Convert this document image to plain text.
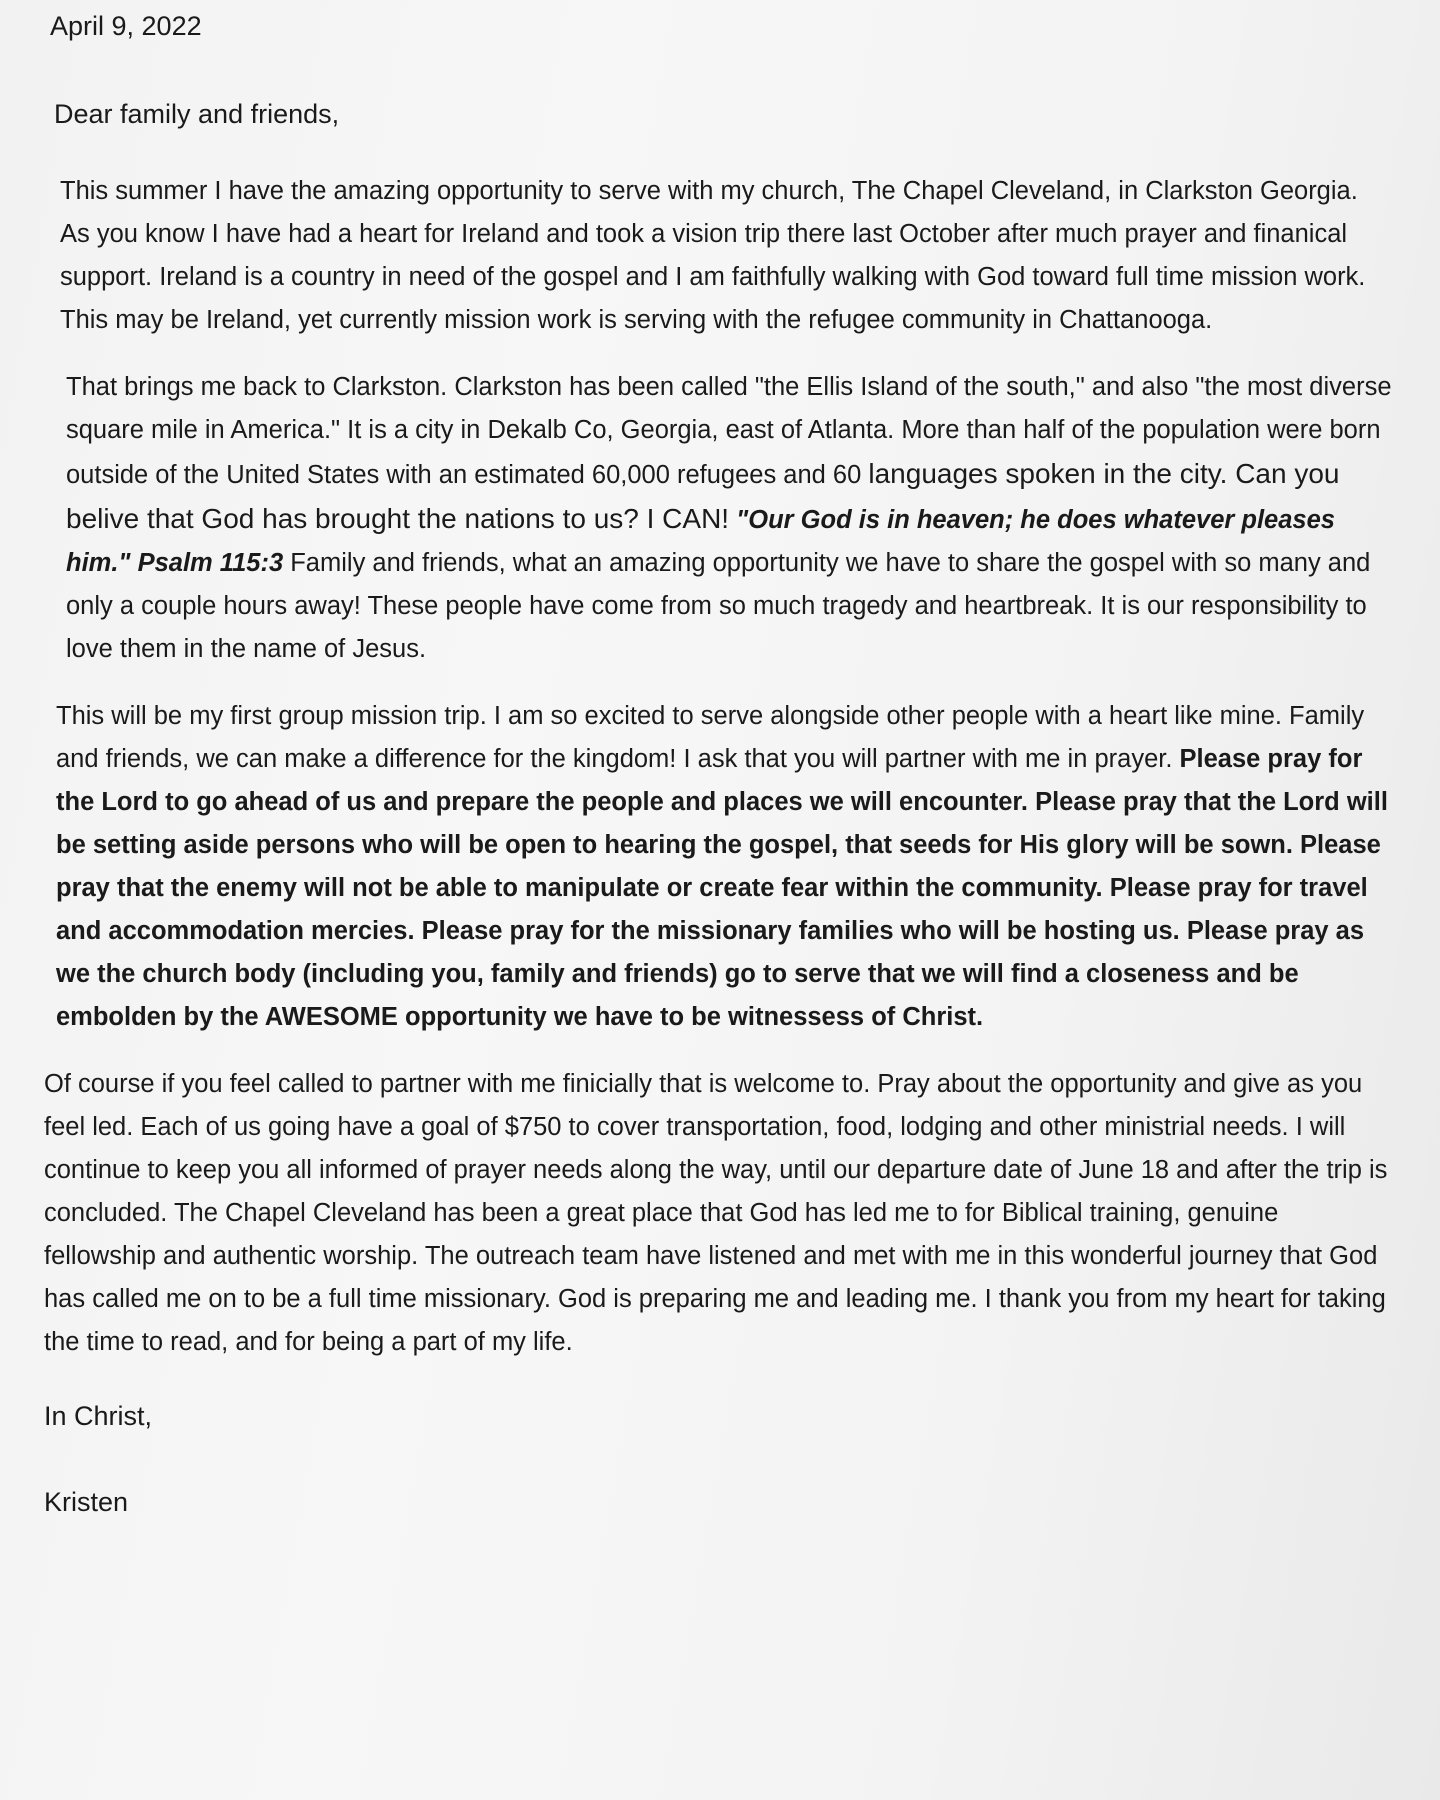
April 9, 2022
Dear family and friends,

This summer I have the amazing opportunity to serve with my church, The Chapel Cleveland, in Clarkston Georgia. As you know I have had a heart for Ireland and took a vision trip there last October after much prayer and finanical support. Ireland is a country in need of the gospel and I am faithfully walking with God toward full time mission work. This may be Ireland, yet currently mission work is serving with the refugee community in Chattanooga.

That brings me back to Clarkston. Clarkston has been called "the Ellis Island of the south," and also "the most diverse square mile in America." It is a city in Dekalb Co, Georgia, east of Atlanta. More than half of the population were born outside of the United States with an estimated 60,000 refugees and 60 languages spoken in the city. Can you belive that God has brought the nations to us? I CAN! "Our God is in heaven; he does whatever pleases him." Psalm 115:3 Family and friends, what an amazing opportunity we have to share the gospel with so many and only a couple hours away! These people have come from so much tragedy and heartbreak. It is our responsibility to love them in the name of Jesus.

This will be my first group mission trip. I am so excited to serve alongside other people with a heart like mine. Family and friends, we can make a difference for the kingdom! I ask that you will partner with me in prayer. Please pray for the Lord to go ahead of us and prepare the people and places we will encounter. Please pray that the Lord will be setting aside persons who will be open to hearing the gospel, that seeds for His glory will be sown. Please pray that the enemy will not be able to manipulate or create fear within the community. Please pray for travel and accommodation mercies. Please pray for the missionary families who will be hosting us. Please pray as we the church body (including you, family and friends) go to serve that we will find a closeness and be embolden by the AWESOME opportunity we have to be witnessess of Christ.

Of course if you feel called to partner with me finicially that is welcome to. Pray about the opportunity and give as you feel led. Each of us going have a goal of $750 to cover transportation, food, lodging and other ministrial needs. I will continue to keep you all informed of prayer needs along the way, until our departure date of June 18 and after the trip is concluded. The Chapel Cleveland has been a great place that God has led me to for Biblical training, genuine fellowship and authentic worship. The outreach team have listened and met with me in this wonderful journey that God has called me on to be a full time missionary. God is preparing me and leading me. I thank you from my heart for taking the time to read, and for being a part of my life.

In Christ,
Kristen
